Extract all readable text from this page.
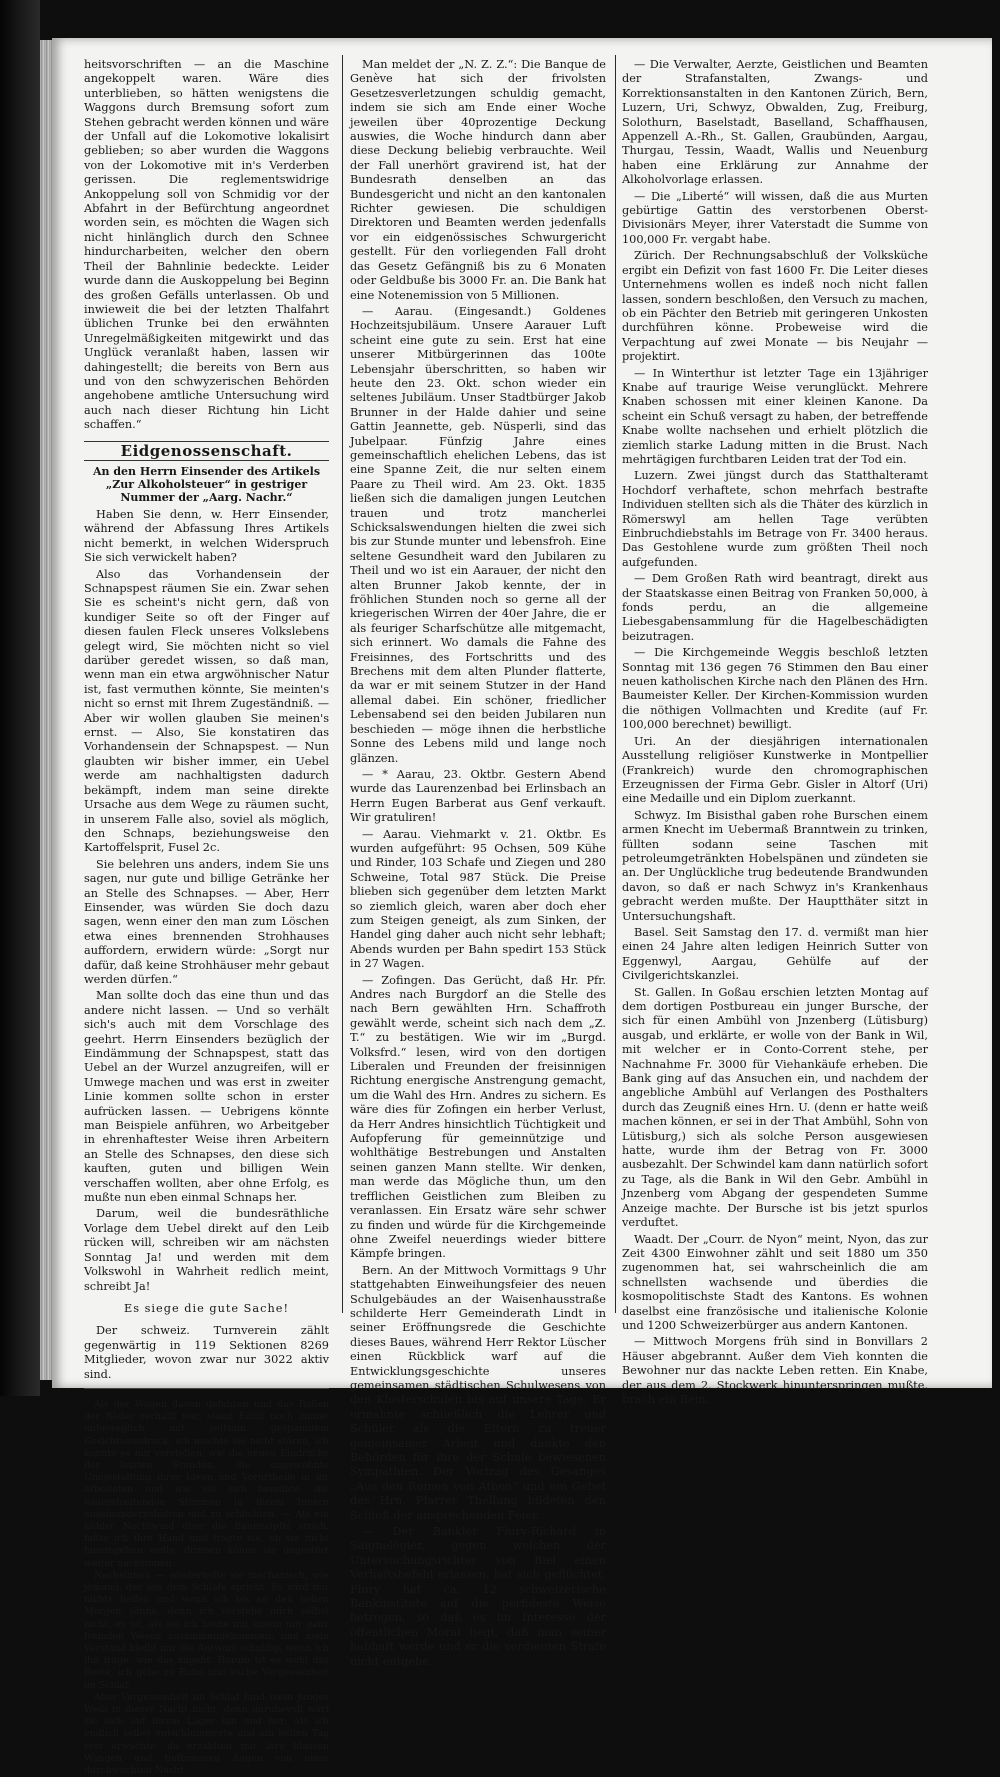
heitsvorschriften — an die Maschine angekoppelt waren. Wäre dies unterblieben, so hätten wenigstens die Waggons durch Bremsung sofort zum Stehen gebracht werden können und wäre der Unfall auf die Lokomotive lokalisirt geblieben; so aber wurden die Waggons von der Lokomotive mit in's Verderben gerissen. Die reglementswidrige Ankoppelung soll von Schmidig vor der Abfahrt in der Befürchtung angeordnet worden sein, es möchten die Wagen sich nicht hinlänglich durch den Schnee hindurcharbeiten, welcher den obern Theil der Bahnlinie bedeckte. Leider wurde dann die Auskoppelung bei Beginn des großen Gefälls unterlassen. Ob und inwieweit die bei der letzten Thalfahrt üblichen Trunke bei den erwähnten Unregelmäßigkeiten mitgewirkt und das Unglück veranlaßt haben, lassen wir dahingestellt; die bereits von Bern aus und von den schwyzerischen Behörden angehobene amtliche Untersuchung wird auch nach dieser Richtung hin Licht schaffen.“

Eidgenossenschaft.
An den Herrn Einsender des Artikels „Zur Alkoholsteuer“ in gestriger Nummer der „Aarg. Nachr.“

Haben Sie denn, w. Herr Einsender, während der Abfassung Ihres Artikels nicht bemerkt, in welchen Widerspruch Sie sich verwickelt haben?

Also das Vorhandensein der Schnapspest räumen Sie ein. Zwar sehen Sie es scheint's nicht gern, daß von kundiger Seite so oft der Finger auf diesen faulen Fleck unseres Volkslebens gelegt wird, Sie möchten nicht so viel darüber geredet wissen, so daß man, wenn man ein etwa argwöhnischer Natur ist, fast vermuthen könnte, Sie meinten's nicht so ernst mit Ihrem Zugeständniß. — Aber wir wollen glauben Sie meinen's ernst. — Also, Sie konstatiren das Vorhandensein der Schnapspest. — Nun glaubten wir bisher immer, ein Uebel werde am nachhaltigsten dadurch bekämpft, indem man seine direkte Ursache aus dem Wege zu räumen sucht, in unserem Falle also, soviel als möglich, den Schnaps, beziehungsweise den Kartoffelsprit, Fusel 2c.

Sie belehren uns anders, indem Sie uns sagen, nur gute und billige Getränke her an Stelle des Schnapses. — Aber, Herr Einsender, was würden Sie doch dazu sagen, wenn einer den man zum Löschen etwa eines brennenden Strohhauses auffordern, erwidern würde: „Sorgt nur dafür, daß keine Strohhäuser mehr gebaut werden dürfen.“

Man sollte doch das eine thun und das andere nicht lassen. — Und so verhält sich's auch mit dem Vorschlage des geehrt. Herrn Einsenders bezüglich der Eindämmung der Schnapspest, statt das Uebel an der Wurzel anzugreifen, will er Umwege machen und was erst in zweiter Linie kommen sollte schon in erster aufrücken lassen. — Uebrigens könnte man Beispiele anführen, wo Arbeitgeber in ehrenhaftester Weise ihren Arbeitern an Stelle des Schnapses, den diese sich kauften, guten und billigen Wein verschaffen wollten, aber ohne Erfolg, es mußte nun eben einmal Schnaps her.

Darum, weil die bundesräthliche Vorlage dem Uebel direkt auf den Leib rücken will, schreiben wir am nächsten Sonntag Ja! und werden mit dem Volkswohl in Wahrheit redlich meint, schreibt Ja!

Es siege die gute Sache!

Der schweiz. Turnverein zählt gegenwärtig in 119 Sektionen 8269 Mitglieder, wovon zwar nur 3022 aktiv sind.

Als der Wagen davon gefahren und das Rollen der Räder verhallt war, stand Edith noch immer unbeweglich mit seltsam gespanntem Gesichtsausdruck; ich mochte sie nicht stören, ich konnte es mir vorstellen, wie die neuen Eindrücke der letzten Stunden, die ungewohnte Umgestaltung ihrer Ideen und Vorurtheile in ihr arbeiteten und wie sie sich bemühte, die widerstreitenden Stimmen in ihrem Innern auseinanderzuhalten und zu schlichten. — Als ein kühler Nachtwind über die Baumwipfel strich, faßte ich ihre Hand und fragte sie, ob sie nicht hineingehen wolle, drinnen könne sie ungestört weiter nachsinnen.

Nachsinnen — wiederholte sie mechanisch, wie jemand, der aus dem Schlafe spricht. Es wird mir nichts helfen und wenn ich bis an den hellen Morgen sänne, denn ich verstehe mich selbst nicht, es ist, als sei ich heute mit einem mir ganz fremden Wesen zusammengekommen, und mein Verstand bleibt mir die Antwort schuldig, wenn ich ihn frage, wie das zugeht. Darum ist es wohl das Beste, ich gebe zu Ruhe und suche Vergessenheit im Schlaf.

Aber Vergessenheit im Schlaf fand mein junges Weib in dieser Nacht nicht, denn unruhevoll warf sie sich auf ihrem Lager hin und her; als ich endlich selbst entschlummerte und am hellen Tag erst erwachte, da erzählten mir ihre blassen Wangen und tiefbraunen Augen von einer durchwachten Nacht.

Man meldet der „N. Z. Z.“: Die Banque de Genève hat sich der frivolsten Gesetzesverletzungen schuldig gemacht, indem sie sich am Ende einer Woche jeweilen über 40prozentige Deckung auswies, die Woche hindurch dann aber diese Deckung beliebig verbrauchte. Weil der Fall unerhört gravirend ist, hat der Bundesrath denselben an das Bundesgericht und nicht an den kantonalen Richter gewiesen. Die schuldigen Direktoren und Beamten werden jedenfalls vor ein eidgenössisches Schwurgericht gestellt. Für den vorliegenden Fall droht das Gesetz Gefängniß bis zu 6 Monaten oder Geldbuße bis 3000 Fr. an. Die Bank hat eine Notenemission von 5 Millionen.

— Aarau. (Eingesandt.) Goldenes Hochzeitsjubiläum. Unsere Aarauer Luft scheint eine gute zu sein. Erst hat eine unserer Mitbürgerinnen das 100te Lebensjahr überschritten, so haben wir heute den 23. Okt. schon wieder ein seltenes Jubiläum. Unser Stadtbürger Jakob Brunner in der Halde dahier und seine Gattin Jeannette, geb. Nüsperli, sind das Jubelpaar. Fünfzig Jahre eines gemeinschaftlich ehelichen Lebens, das ist eine Spanne Zeit, die nur selten einem Paare zu Theil wird. Am 23. Okt. 1835 ließen sich die damaligen jungen Leutchen trauen und trotz mancherlei Schicksalswendungen hielten die zwei sich bis zur Stunde munter und lebensfroh. Eine seltene Gesundheit ward den Jubilaren zu Theil und wo ist ein Aarauer, der nicht den alten Brunner Jakob kennte, der in fröhlichen Stunden noch so gerne all der kriegerischen Wirren der 40er Jahre, die er als feuriger Scharfschütze alle mitgemacht, sich erinnert. Wo damals die Fahne des Freisinnes, des Fortschritts und des Brechens mit dem alten Plunder flatterte, da war er mit seinem Stutzer in der Hand allemal dabei. Ein schöner, friedlicher Lebensabend sei den beiden Jubilaren nun beschieden — möge ihnen die herbstliche Sonne des Lebens mild und lange noch glänzen.

— * Aarau, 23. Oktbr. Gestern Abend wurde das Laurenzenbad bei Erlinsbach an Herrn Eugen Barberat aus Genf verkauft. Wir gratuliren!

— Aarau. Viehmarkt v. 21. Oktbr. Es wurden aufgeführt: 95 Ochsen, 509 Kühe und Rinder, 103 Schafe und Ziegen und 280 Schweine, Total 987 Stück. Die Preise blieben sich gegenüber dem letzten Markt so ziemlich gleich, waren aber doch eher zum Steigen geneigt, als zum Sinken, der Handel ging daher auch nicht sehr lebhaft; Abends wurden per Bahn spedirt 153 Stück in 27 Wagen.

— Zofingen. Das Gerücht, daß Hr. Pfr. Andres nach Burgdorf an die Stelle des nach Bern gewählten Hrn. Schaffroth gewählt werde, scheint sich nach dem „Z. T.“ zu bestätigen. Wie wir im „Burgd. Volksfrd.“ lesen, wird von den dortigen Liberalen und Freunden der freisinnigen Richtung energische Anstrengung gemacht, um die Wahl des Hrn. Andres zu sichern. Es wäre dies für Zofingen ein herber Verlust, da Herr Andres hinsichtlich Tüchtigkeit und Aufopferung für gemeinnützige und wohlthätige Bestrebungen und Anstalten seinen ganzen Mann stellte. Wir denken, man werde das Mögliche thun, um den trefflichen Geistlichen zum Bleiben zu veranlassen. Ein Ersatz wäre sehr schwer zu finden und würde für die Kirchgemeinde ohne Zweifel neuerdings wieder bittere Kämpfe bringen.

Bern. An der Mittwoch Vormittags 9 Uhr stattgehabten Einweihungsfeier des neuen Schulgebäudes an der Waisenhausstraße schilderte Herr Gemeinderath Lindt in seiner Eröffnungsrede die Geschichte dieses Baues, während Herr Rektor Lüscher einen Rückblick warf auf die Entwicklungsgeschichte unseres gemeinsamen städtischen Schulwesens von den Klosterschulen bis auf unsere Tage. Er ermahnte schließlich die Lehrer und Schüler als die Eltern zu treuer gemeinsamer Arbeit und dankte den Behörden für ihre der Schule bewiesenen Sympathien. Der Vortrag des Gesanges „Aus den Ruinen von Athen“ und ein Gebet des Hrn. Pfarrer Thellung bildeten den Schluß der ansprechenden Feier.

— Der Bankier Flury-Richard in Saignelégier, gegen welchen der Untersuchungsrichter von Biel einen Verhaftsbefehl erlassen, hat sich geflüchtet. Flury hat ca. 12 schweizerische Bankinstitute auf die perfideste Weise betrogen, so daß es im Interesse der öffentlichen Moral liegt, daß man seiner habhaft werde und er die verdienten Strafe nicht entgehe.

— Die Verwalter, Aerzte, Geistlichen und Beamten der Strafanstalten, Zwangs- und Korrektionsanstalten in den Kantonen Zürich, Bern, Luzern, Uri, Schwyz, Obwalden, Zug, Freiburg, Solothurn, Baselstadt, Baselland, Schaffhausen, Appenzell A.-Rh., St. Gallen, Graubünden, Aargau, Thurgau, Tessin, Waadt, Wallis und Neuenburg haben eine Erklärung zur Annahme der Alkoholvorlage erlassen.

— Die „Liberté“ will wissen, daß die aus Murten gebürtige Gattin des verstorbenen Oberst-Divisionärs Meyer, ihrer Vaterstadt die Summe von 100,000 Fr. vergabt habe.

Zürich. Der Rechnungsabschluß der Volksküche ergibt ein Defizit von fast 1600 Fr. Die Leiter dieses Unternehmens wollen es indeß noch nicht fallen lassen, sondern beschloßen, den Versuch zu machen, ob ein Pächter den Betrieb mit geringeren Unkosten durchführen könne. Probeweise wird die Verpachtung auf zwei Monate — bis Neujahr — projektirt.

— In Winterthur ist letzter Tage ein 13jähriger Knabe auf traurige Weise verunglückt. Mehrere Knaben schossen mit einer kleinen Kanone. Da scheint ein Schuß versagt zu haben, der betreffende Knabe wollte nachsehen und erhielt plötzlich die ziemlich starke Ladung mitten in die Brust. Nach mehrtägigen furchtbaren Leiden trat der Tod ein.

Luzern. Zwei jüngst durch das Statthalteramt Hochdorf verhaftete, schon mehrfach bestrafte Individuen stellten sich als die Thäter des kürzlich in Römerswyl am hellen Tage verübten Einbruchdiebstahls im Betrage von Fr. 3400 heraus. Das Gestohlene wurde zum größten Theil noch aufgefunden.

— Dem Großen Rath wird beantragt, direkt aus der Staatskasse einen Beitrag von Franken 50,000, à fonds perdu, an die allgemeine Liebesgabensammlung für die Hagelbeschädigten beizutragen.

— Die Kirchgemeinde Weggis beschloß letzten Sonntag mit 136 gegen 76 Stimmen den Bau einer neuen katholischen Kirche nach den Plänen des Hrn. Baumeister Keller. Der Kirchen-Kommission wurden die nöthigen Vollmachten und Kredite (auf Fr. 100,000 berechnet) bewilligt.

Uri. An der diesjährigen internationalen Ausstellung religiöser Kunstwerke in Montpellier (Frankreich) wurde den chromographischen Erzeugnissen der Firma Gebr. Gisler in Altorf (Uri) eine Medaille und ein Diplom zuerkannt.

Schwyz. Im Bisisthal gaben rohe Burschen einem armen Knecht im Uebermaß Branntwein zu trinken, füllten sodann seine Taschen mit petroleumgetränkten Hobelspänen und zündeten sie an. Der Unglückliche trug bedeutende Brandwunden davon, so daß er nach Schwyz in's Krankenhaus gebracht werden mußte. Der Hauptthäter sitzt in Untersuchungshaft.

Basel. Seit Samstag den 17. d. vermißt man hier einen 24 Jahre alten ledigen Heinrich Sutter von Eggenwyl, Aargau, Gehülfe auf der Civilgerichtskanzlei.

St. Gallen. In Goßau erschien letzten Montag auf dem dortigen Postbureau ein junger Bursche, der sich für einen Ambühl von Jnzenberg (Lütisburg) ausgab, und erklärte, er wolle von der Bank in Wil, mit welcher er in Conto-Corrent stehe, per Nachnahme Fr. 3000 für Viehankäufe erheben. Die Bank ging auf das Ansuchen ein, und nachdem der angebliche Ambühl auf Verlangen des Posthalters durch das Zeugniß eines Hrn. U. (denn er hatte weiß machen können, er sei in der That Ambühl, Sohn von Lütisburg,) sich als solche Person ausgewiesen hatte, wurde ihm der Betrag von Fr. 3000 ausbezahlt. Der Schwindel kam dann natürlich sofort zu Tage, als die Bank in Wil den Gebr. Ambühl in Jnzenberg vom Abgang der gespendeten Summe Anzeige machte. Der Bursche ist bis jetzt spurlos verduftet.

Waadt. Der „Courr. de Nyon“ meint, Nyon, das zur Zeit 4300 Einwohner zählt und seit 1880 um 350 zugenommen hat, sei wahrscheinlich die am schnellsten wachsende und überdies die kosmopolitischste Stadt des Kantons. Es wohnen daselbst eine französische und italienische Kolonie und 1200 Schweizerbürger aus andern Kantonen.

— Mittwoch Morgens früh sind in Bonvillars 2 Häuser abgebrannt. Außer dem Vieh konnten die Bewohner nur das nackte Leben retten. Ein Knabe, der aus dem 2. Stockwerk hinunterspringen mußte, brach ein Bein.
